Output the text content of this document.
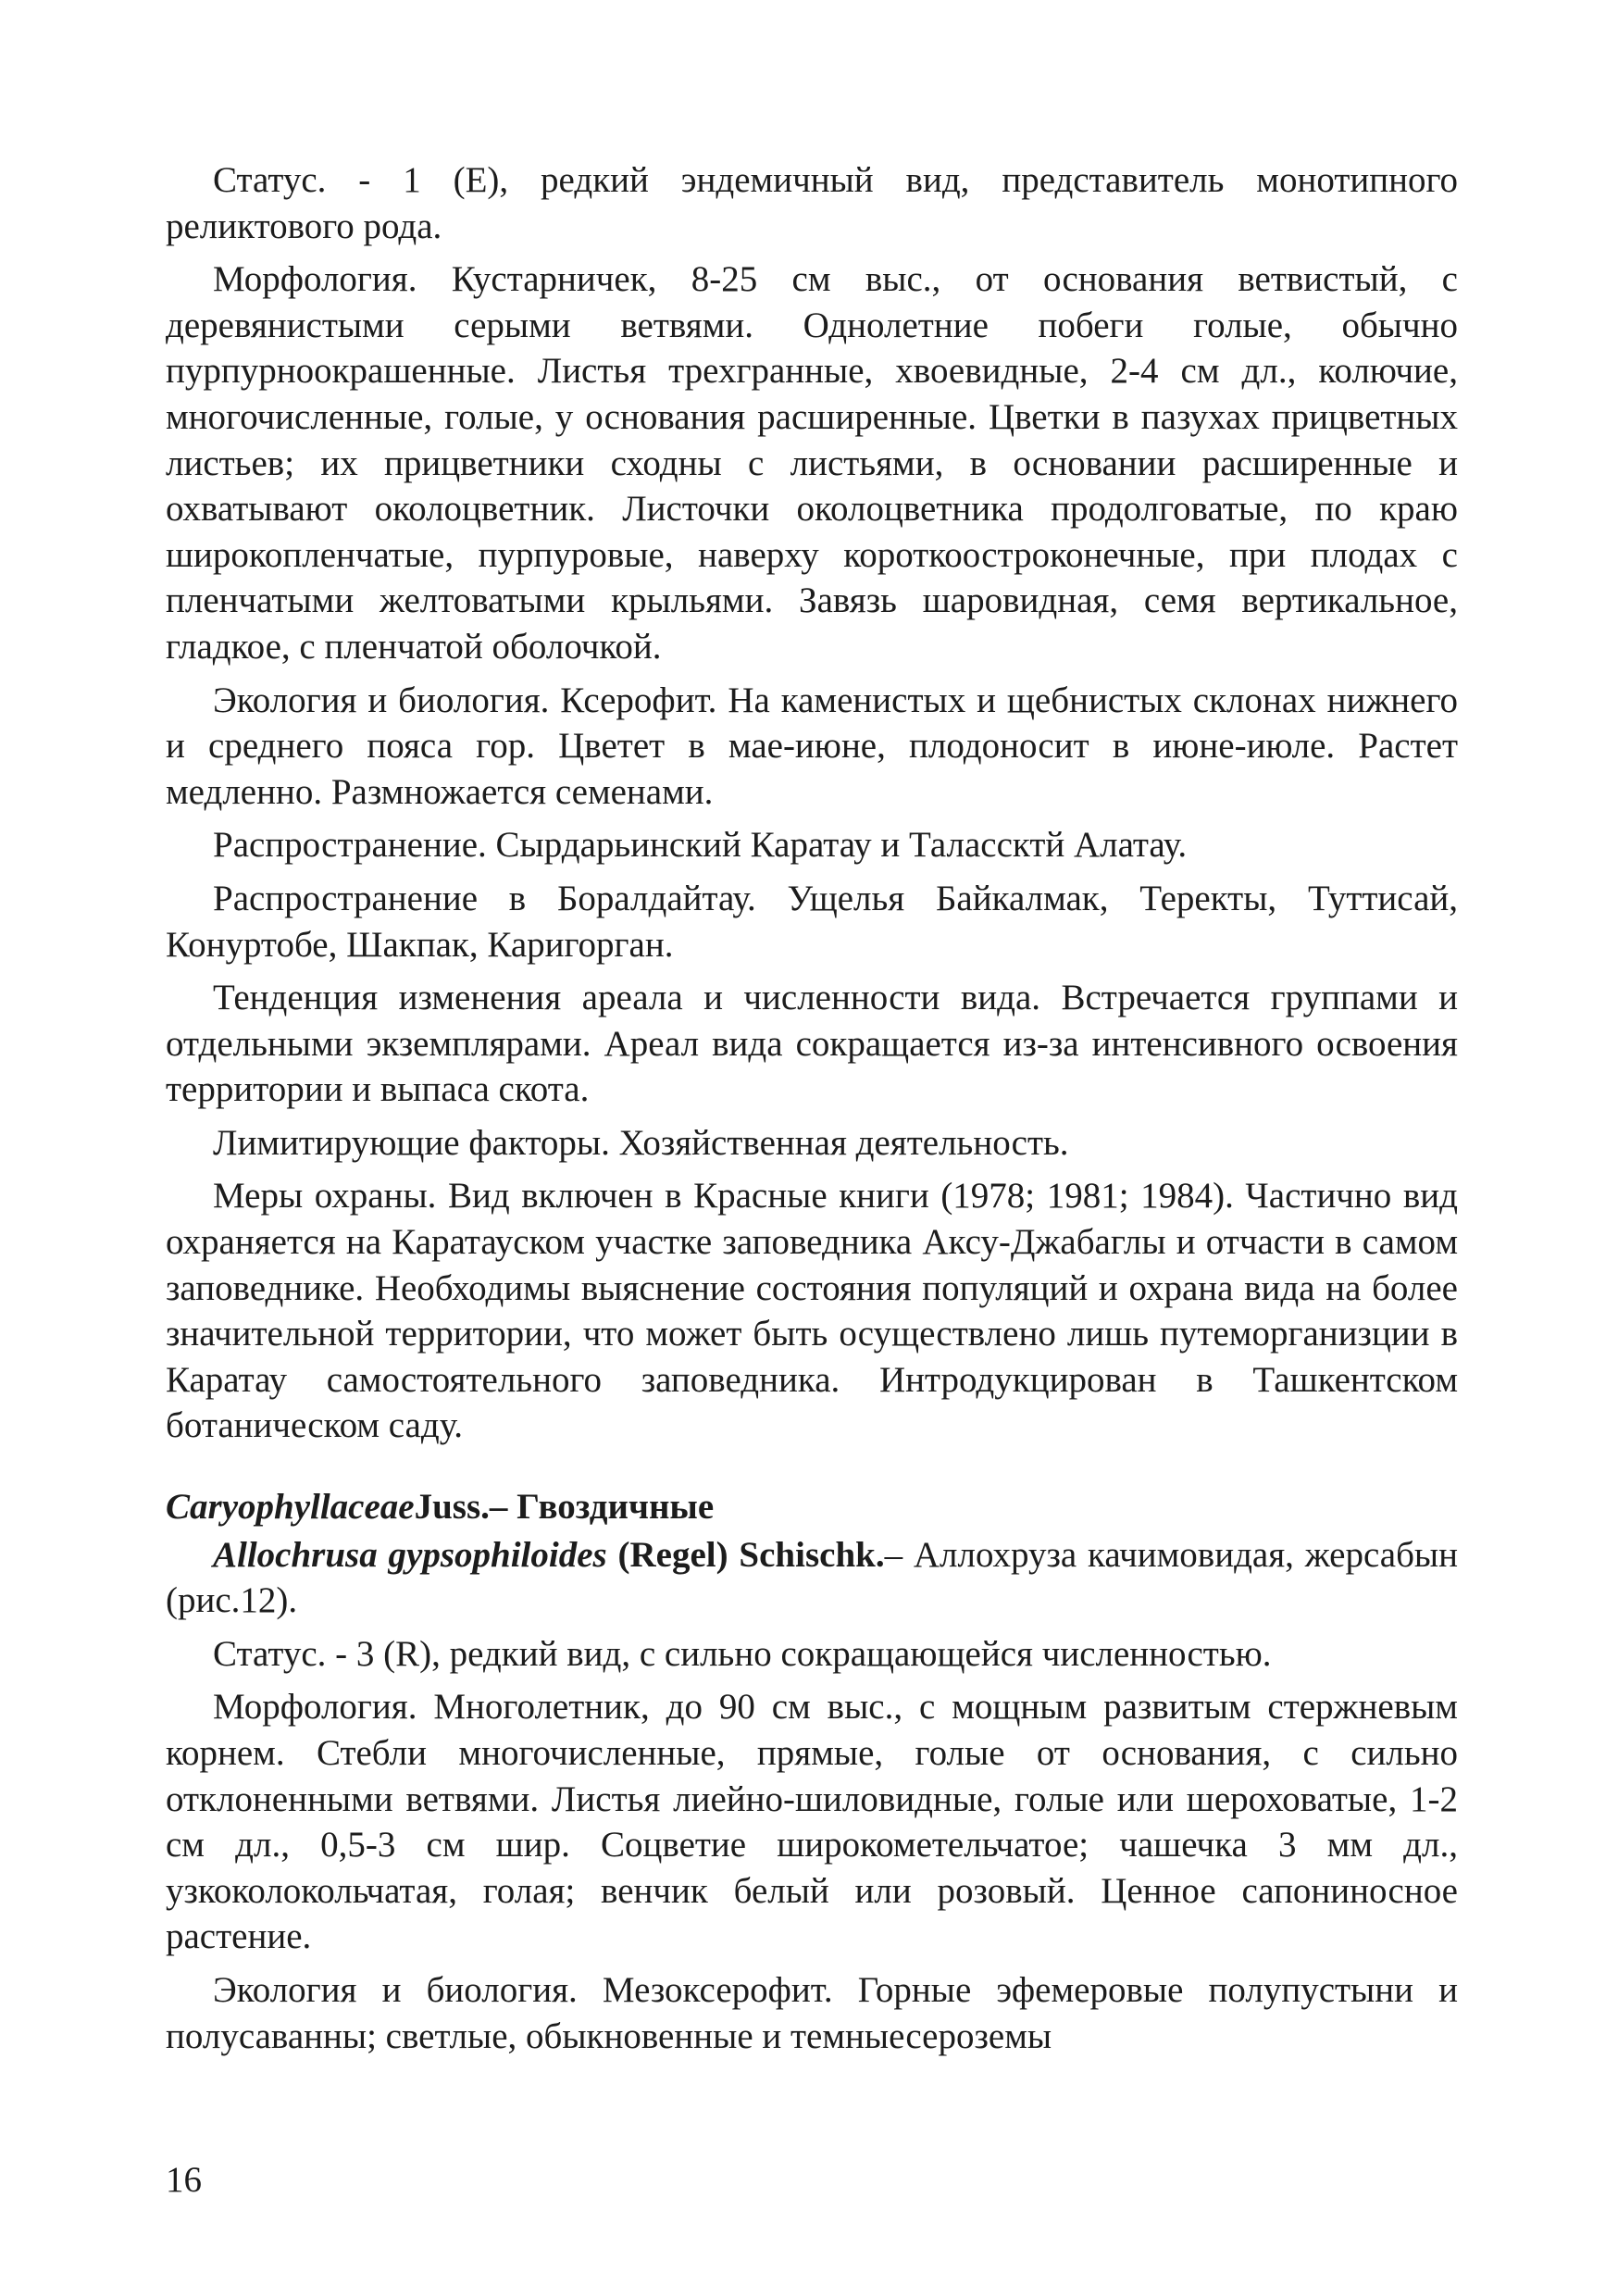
Статус. - 1 (E), редкий эндемичный вид, представитель монотипного реликтового рода.

Морфология. Кустарничек, 8-25 см выс., от основания ветвистый, с деревянистыми серыми ветвями. Однолетние побеги голые, обычно пурпурноокрашенные. Листья трехгранные, хвоевидные, 2-4 см дл., колючие, многочисленные, голые, у основания расширенные. Цветки в пазухах прицветных листьев; их прицветники сходны с листьями, в основании расширенные и охватывают околоцветник. Листочки околоцветника продолговатые, по краю широкопленчатые, пурпуровые, наверху короткоостроконечные, при плодах с пленчатыми желтоватыми крыльями. Завязь шаровидная, семя вертикальное, гладкое, с пленчатой оболочкой.

Экология и биология. Ксерофит. На каменистых и щебнистых склонах нижнего и среднего пояса гор. Цветет в мае-июне, плодоносит в июне-июле. Растет медленно. Размножается семенами.

Распространение. Сырдарьинский Каратау и Талассктй Алатау.

Распространение в Боралдайтау. Ущелья Байкалмак, Теректы, Туттисай, Конуртобе, Шакпак, Каригорган.

Тенденция изменения ареала и численности вида. Встречается группами и отдельными экземплярами. Ареал вида сокращается из-за интенсивного освоения территории и выпаса скота.

Лимитирующие факторы. Хозяйственная деятельность.

Меры охраны. Вид включен в Красные книги (1978; 1981; 1984). Частично вид охраняется на Каратауском участке заповедника Аксу-Джабаглы и отчасти в самом заповеднике. Необходимы выяснение состояния популяций и охрана вида на более значительной территории, что может быть осуществлено лишь путеморганизции в Каратау самостоятельного заповедника. Интродукцирован в Ташкентском ботаническом саду.

CaryophyllaceaeJuss.– Гвоздичные

Allochrusa gypsophiloides (Regel) Schischk.– Аллохруза качимовидая, жерсабын (рис.12).

Статус. - 3 (R), редкий вид, с сильно сокращающейся численностью.

Морфология. Многолетник, до 90 см выс., с мощным развитым стержневым корнем. Стебли многочисленные, прямые, голые от основания, с сильно отклоненными ветвями. Листья лиейно-шиловидные, голые или шероховатые, 1-2 см дл., 0,5-3 см шир. Соцветие широкометельчатое; чашечка 3 мм дл., узкоколокольчатая, голая; венчик белый или розовый. Ценное сапониносное растение.

Экология и биология. Мезоксерофит. Горные эфемеровые полупустыни и полусаванны; светлые, обыкновенные и темныесероземы

16
